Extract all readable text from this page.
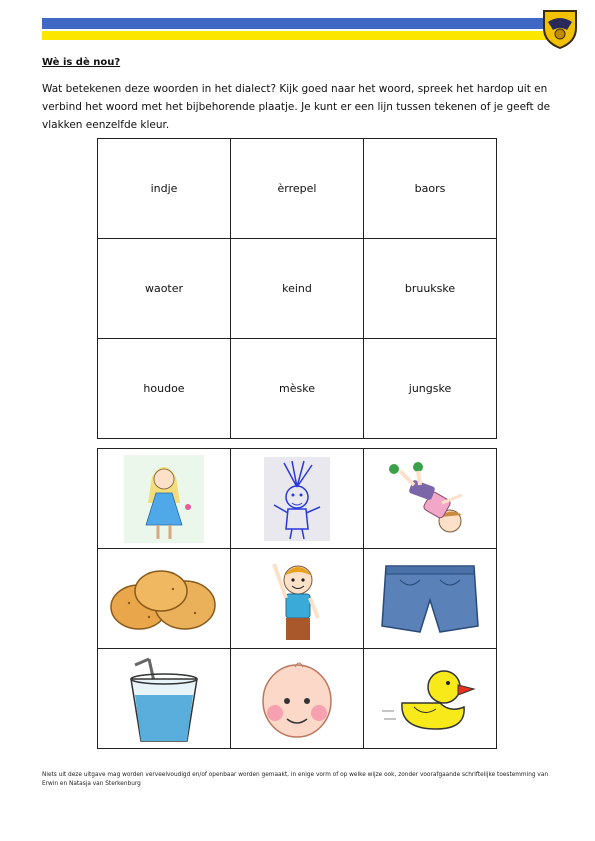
Wè is dè nou?
Wat betekenen deze woorden in het dialect? Kijk goed naar het woord, spreek het hardop uit en verbind het woord met het bijbehorende plaatje. Je kunt er een lijn tussen tekenen of je geeft de vlakken eenzelfde kleur.
indje	èrrepel	baors
waoter	keind	bruukske
houdoe	mèske	jungske

Niets uit deze uitgave mag worden verveelvoudigd en/of openbaar worden gemaakt, in enige vorm of op welke wijze ook, zonder voorafgaande schriftelijke toestemming van Erwin en Natasja van Sterkenburg
